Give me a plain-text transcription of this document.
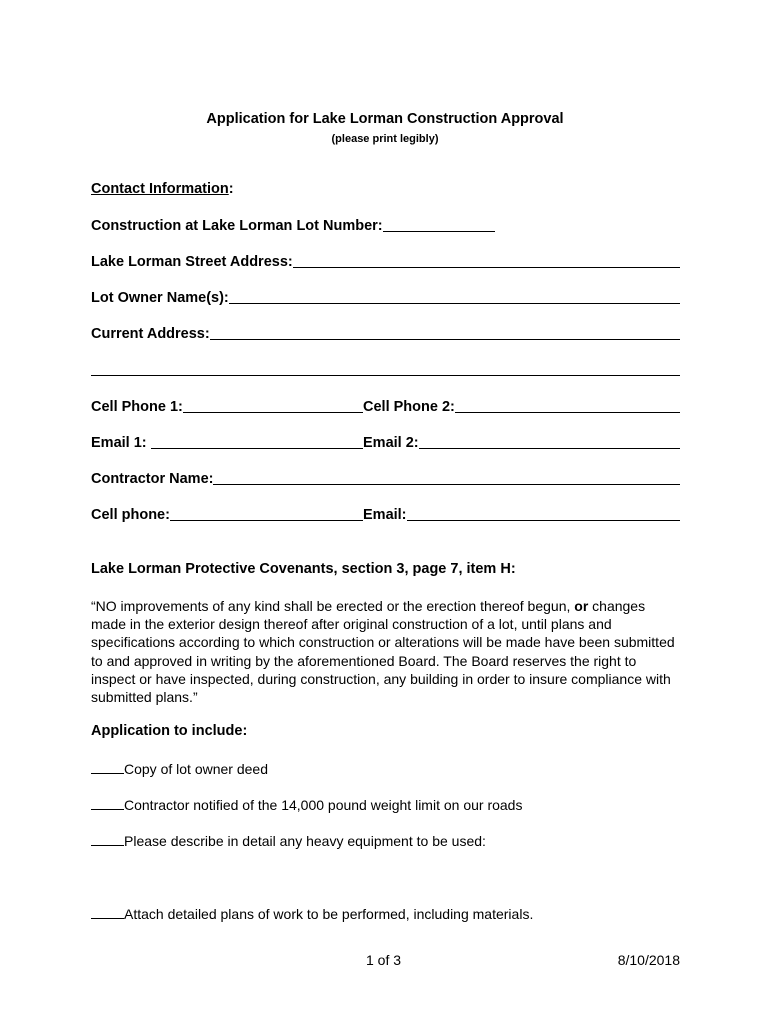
Application for Lake Lorman Construction Approval
(please print legibly)
Contact Information:
Construction at Lake Lorman Lot Number:
Lake Lorman Street Address:
Lot Owner Name(s):
Current Address:
Cell Phone 1:	Cell Phone 2:
Email 1:	Email 2:
Contractor Name:
Cell phone:	Email:
Lake Lorman Protective Covenants, section 3, page 7, item H:
“NO improvements of any kind shall be erected or the erection thereof begun, or changes made in the exterior design thereof after original construction of a lot, until plans and specifications according to which construction or alterations will be made have been submitted to and approved in writing by the aforementioned Board. The Board reserves the right to inspect or have inspected, during construction, any building in order to insure compliance with submitted plans.”
Application to include:
Copy of lot owner deed
Contractor notified of the 14,000 pound weight limit on our roads
Please describe in detail any heavy equipment to be used:
Attach detailed plans of work to be performed, including materials.
1 of 3	8/10/2018
